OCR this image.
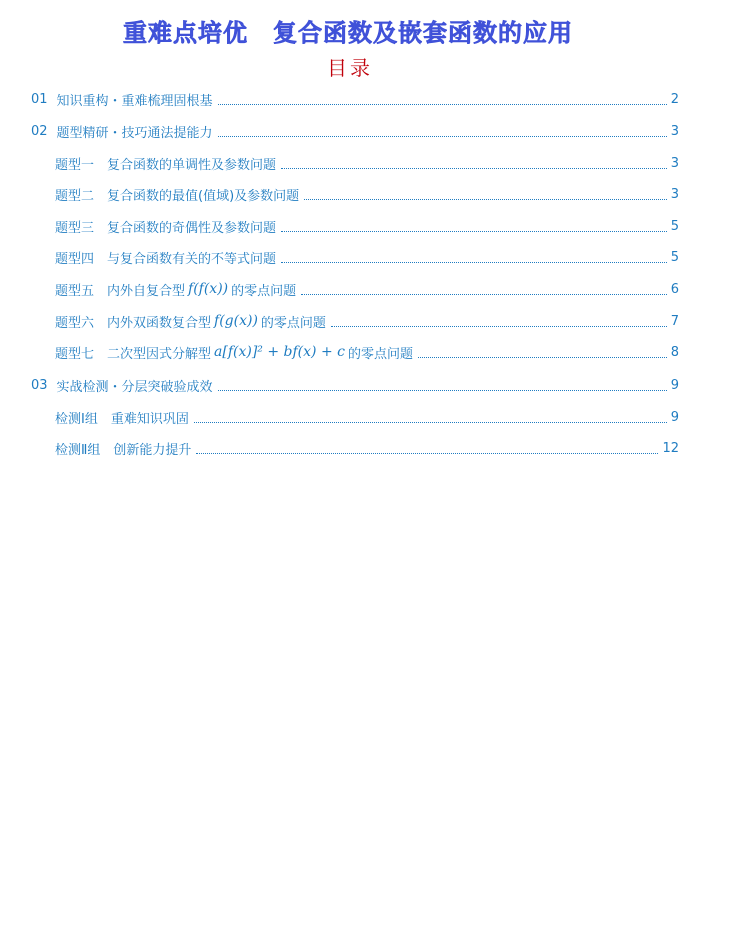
重难点培优　复合函数及嵌套函数的应用
目录
01 知识重构・重难梳理固根基	2
02 题型精研・技巧通法提能力	3
题型一　复合函数的单调性及参数问题	3
题型二　复合函数的最值(值域)及参数问题	3
题型三　复合函数的奇偶性及参数问题	5
题型四　与复合函数有关的不等式问题	5
题型五　内外自复合型 f(f(x)) 的零点问题	6
题型六　内外双函数复合型 f(g(x)) 的零点问题	7
题型七　二次型因式分解型 a[f(x)]² + bf(x) + c 的零点问题	8
03 实战检测・分层突破验成效	9
检测Ⅰ组　重难知识巩固	9
检测Ⅱ组　创新能力提升	12
